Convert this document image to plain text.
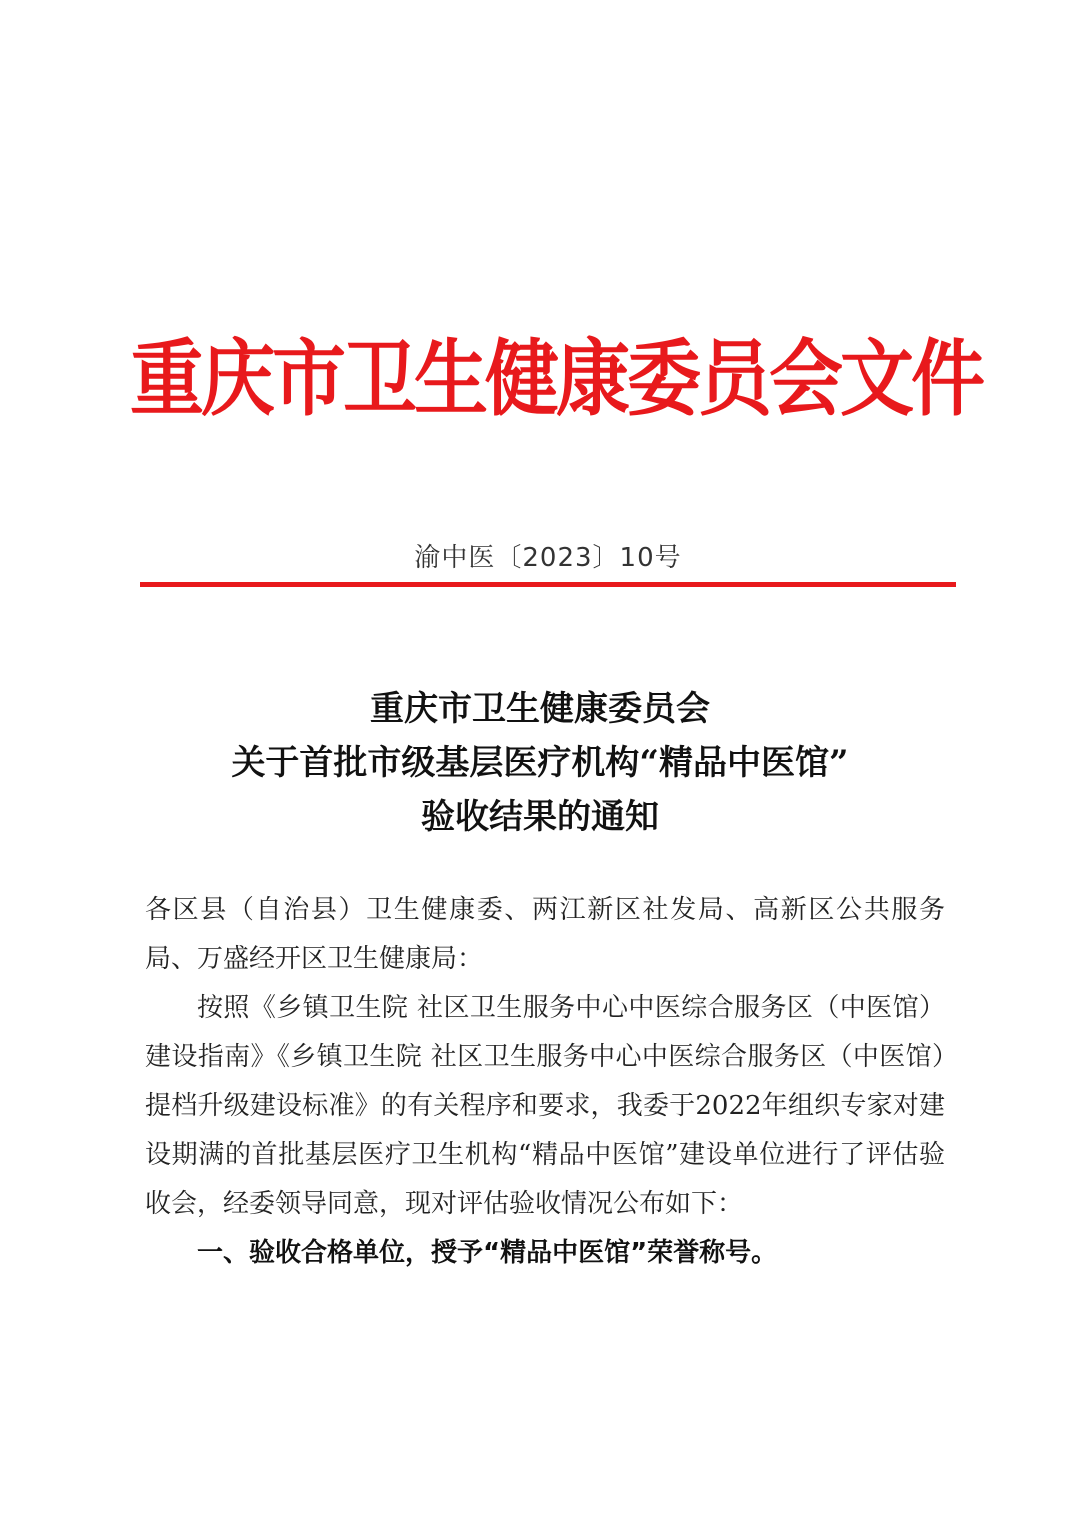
重庆市卫生健康委员会文件
渝中医〔2023〕10号
重庆市卫生健康委员会
关于首批市级基层医疗机构“精品中医馆”
验收结果的通知

各区县（自治县）卫生健康委、两江新区社发局、高新区公共服务局、万盛经开区卫生健康局：

按照《乡镇卫生院 社区卫生服务中心中医综合服务区（中医馆）建设指南》《乡镇卫生院 社区卫生服务中心中医综合服务区（中医馆）提档升级建设标准》的有关程序和要求，我委于2022年组织专家对建设期满的首批基层医疗卫生机构“精品中医馆”建设单位进行了评估验收会，经委领导同意，现对评估验收情况公布如下：

一、验收合格单位，授予“精品中医馆”荣誉称号。
